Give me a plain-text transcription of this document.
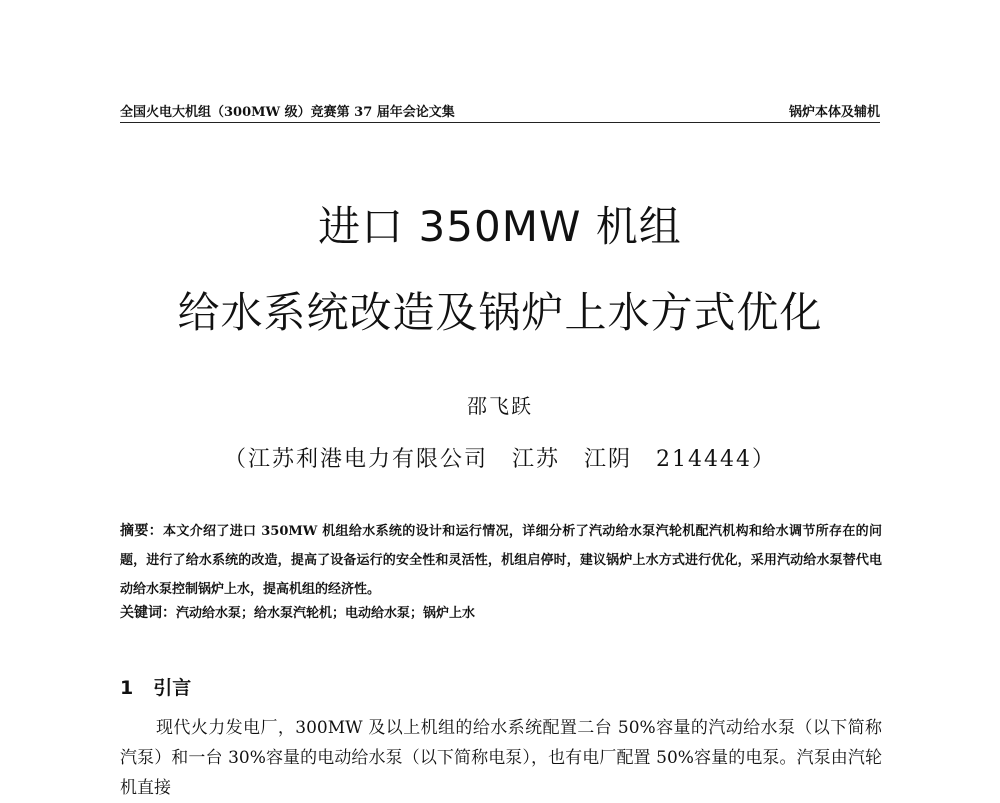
全国火电大机组（300MW 级）竞赛第 37 届年会论文集	锅炉本体及辅机
进口 350MW 机组
给水系统改造及锅炉上水方式优化
邵飞跃
（江苏利港电力有限公司　江苏　江阴　214444）
摘要：本文介绍了进口 350MW 机组给水系统的设计和运行情况，详细分析了汽动给水泵汽轮机配汽机构和给水调节所存在的问题，进行了给水系统的改造，提高了设备运行的安全性和灵活性，机组启停时，建议锅炉上水方式进行优化，采用汽动给水泵替代电动给水泵控制锅炉上水，提高机组的经济性。
关键词：汽动给水泵；给水泵汽轮机；电动给水泵；锅炉上水
1 引言
现代火力发电厂，300MW 及以上机组的给水系统配置二台 50%容量的汽动给水泵（以下简称汽泵）和一台 30%容量的电动给水泵（以下简称电泵），也有电厂配置 50%容量的电泵。汽泵由汽轮机直接
